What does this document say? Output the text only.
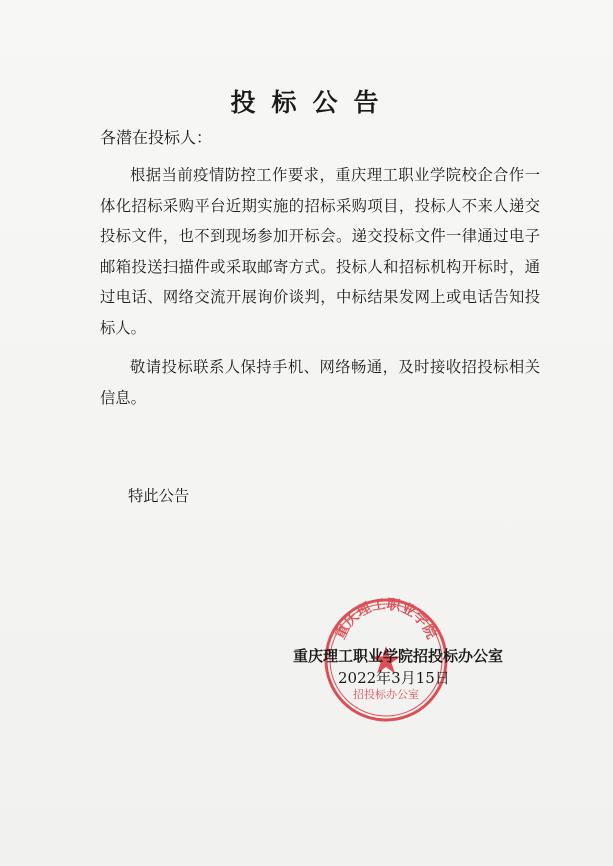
投标公告
各潜在投标人：
根据当前疫情防控工作要求，重庆理工职业学院校企合作一体化招标采购平台近期实施的招标采购项目，投标人不来人递交投标文件，也不到现场参加开标会。递交投标文件一律通过电子邮箱投送扫描件或采取邮寄方式。投标人和招标机构开标时，通过电话、网络交流开展询价谈判，中标结果发网上或电话告知投标人。
敬请投标联系人保持手机、网络畅通，及时接收招投标相关信息。
特此公告
重庆理工职业学院
招投标办公室
重庆理工职业学院招投标办公室
2022年3月15日
